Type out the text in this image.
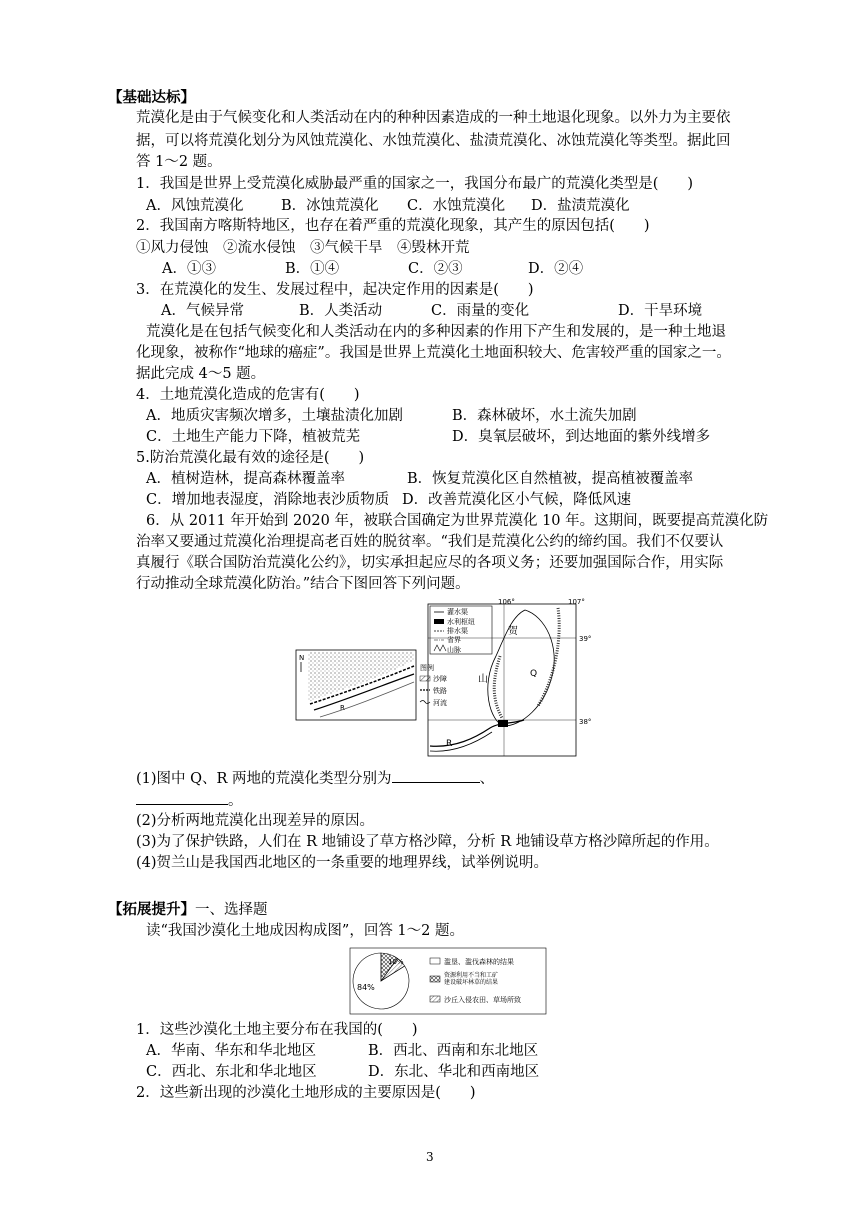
【基础达标】
荒漠化是由于气候变化和人类活动在内的种种因素造成的一种土地退化现象。以外力为主要依
据，可以将荒漠化划分为风蚀荒漠化、水蚀荒漠化、盐渍荒漠化、冰蚀荒漠化等类型。据此回
答 1～2 题。
1．我国是世界上受荒漠化威胁最严重的国家之一，我国分布最广的荒漠化类型是(　　)
A．风蚀荒漠化	B．冰蚀荒漠化 C．水蚀荒漠化 D．盐渍荒漠化
2．我国南方喀斯特地区，也存在着严重的荒漠化现象，其产生的原因包括(　　)
①风力侵蚀　②流水侵蚀　③气候干旱　④毁林开荒
A．①③	B．①④	C．②③	D．②④
3．在荒漠化的发生、发展过程中，起决定作用的因素是(　　)
A．气候异常	B．人类活动	C．雨量的变化	D．干旱环境
荒漠化是在包括气候变化和人类活动在内的多种因素的作用下产生和发展的，是一种土地退
化现象，被称作“地球的癌症”。我国是世界上荒漠化土地面积较大、危害较严重的国家之一。
据此完成 4～5 题。
4．土地荒漠化造成的危害有(　　)
A．地质灾害频次增多，土壤盐渍化加剧	B．森林破坏，水土流失加剧
C．土地生产能力下降，植被荒芜	D．臭氧层破坏，到达地面的紫外线增多
5.防治荒漠化最有效的途径是(　　)
A．植树造林，提高森林覆盖率	B．恢复荒漠化区自然植被，提高植被覆盖率
C．增加地表湿度，消除地表沙质物质 D．改善荒漠化区小气候，降低风速
6．从 2011 年开始到 2020 年，被联合国确定为世界荒漠化 10 年。这期间，既要提高荒漠化防
治率又要通过荒漠化治理提高老百姓的脱贫率。“我们是荒漠化公约的缔约国。我们不仅要认
真履行《联合国防治荒漠化公约》，切实承担起应尽的各项义务；还要加强国际合作，用实际
行动推动全球荒漠化防治。”结合下图回答下列问题。
N
R
图例
沙障
铁路
河流
灌水渠
水利枢纽
排水渠
省界
山脉
106°	107°
39°
38°
贺
山	Q
R
(1)图中 Q、R 两地的荒漠化类型分别为	、
。
(2)分析两地荒漠化出现差异的原因。
(3)为了保护铁路，人们在 R 地铺设了草方格沙障，分析 R 地铺设草方格沙障所起的作用。
(4)贺兰山是我国西北地区的一条重要的地理界线，试举例说明。
【拓展提升】一、选择题
读“我国沙漠化土地成因构成图”，回答 1～2 题。
84%
10%	滥垦、滥伐森林的结果
资源利用不当和工矿建设破坏林草的结果
沙丘入侵农田、草场所致
1．这些沙漠化土地主要分布在我国的(　　)
A．华南、华东和华北地区	B．西北、西南和东北地区
C．西北、东北和华北地区	D．东北、华北和西南地区
2．这些新出现的沙漠化土地形成的主要原因是(　　)
3
